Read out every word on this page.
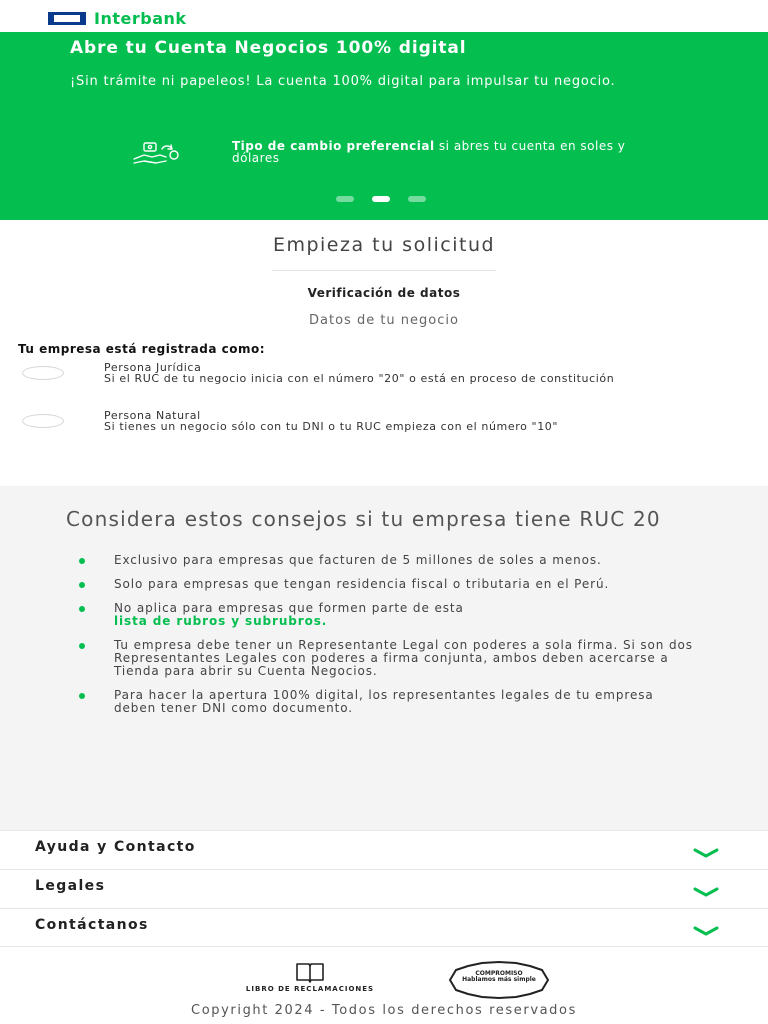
Interbank
Abre tu Cuenta Negocios 100% digital
¡Sin trámite ni papeleos! La cuenta 100% digital para impulsar tu negocio.
Tipo de cambio preferencial si abres tu cuenta en soles y dólares
Empieza tu solicitud
Verificación de datos
Datos de tu negocio
Tu empresa está registrada como:
Persona Jurídica
Si el RUC de tu negocio inicia con el número "20" o está en proceso de constitución
Persona Natural
Si tienes un negocio sólo con tu DNI o tu RUC empieza con el número "10"
Considera estos consejos si tu empresa tiene RUC 20
Exclusivo para empresas que facturen de 5 millones de soles a menos.
Solo para empresas que tengan residencia fiscal o tributaria en el Perú.
No aplica para empresas que formen parte de esta
lista de rubros y subrubros.
Tu empresa debe tener un Representante Legal con poderes a sola firma. Si son dos Representantes Legales con poderes a firma conjunta, ambos deben acercarse a Tienda para abrir su Cuenta Negocios.
Para hacer la apertura 100% digital, los representantes legales de tu empresa deben tener DNI como documento.
Ayuda y Contacto
Legales
Contáctanos
LIBRO DE RECLAMACIONES
COMPROMISO
Hablamos más simple
Copyright 2024 - Todos los derechos reservados
